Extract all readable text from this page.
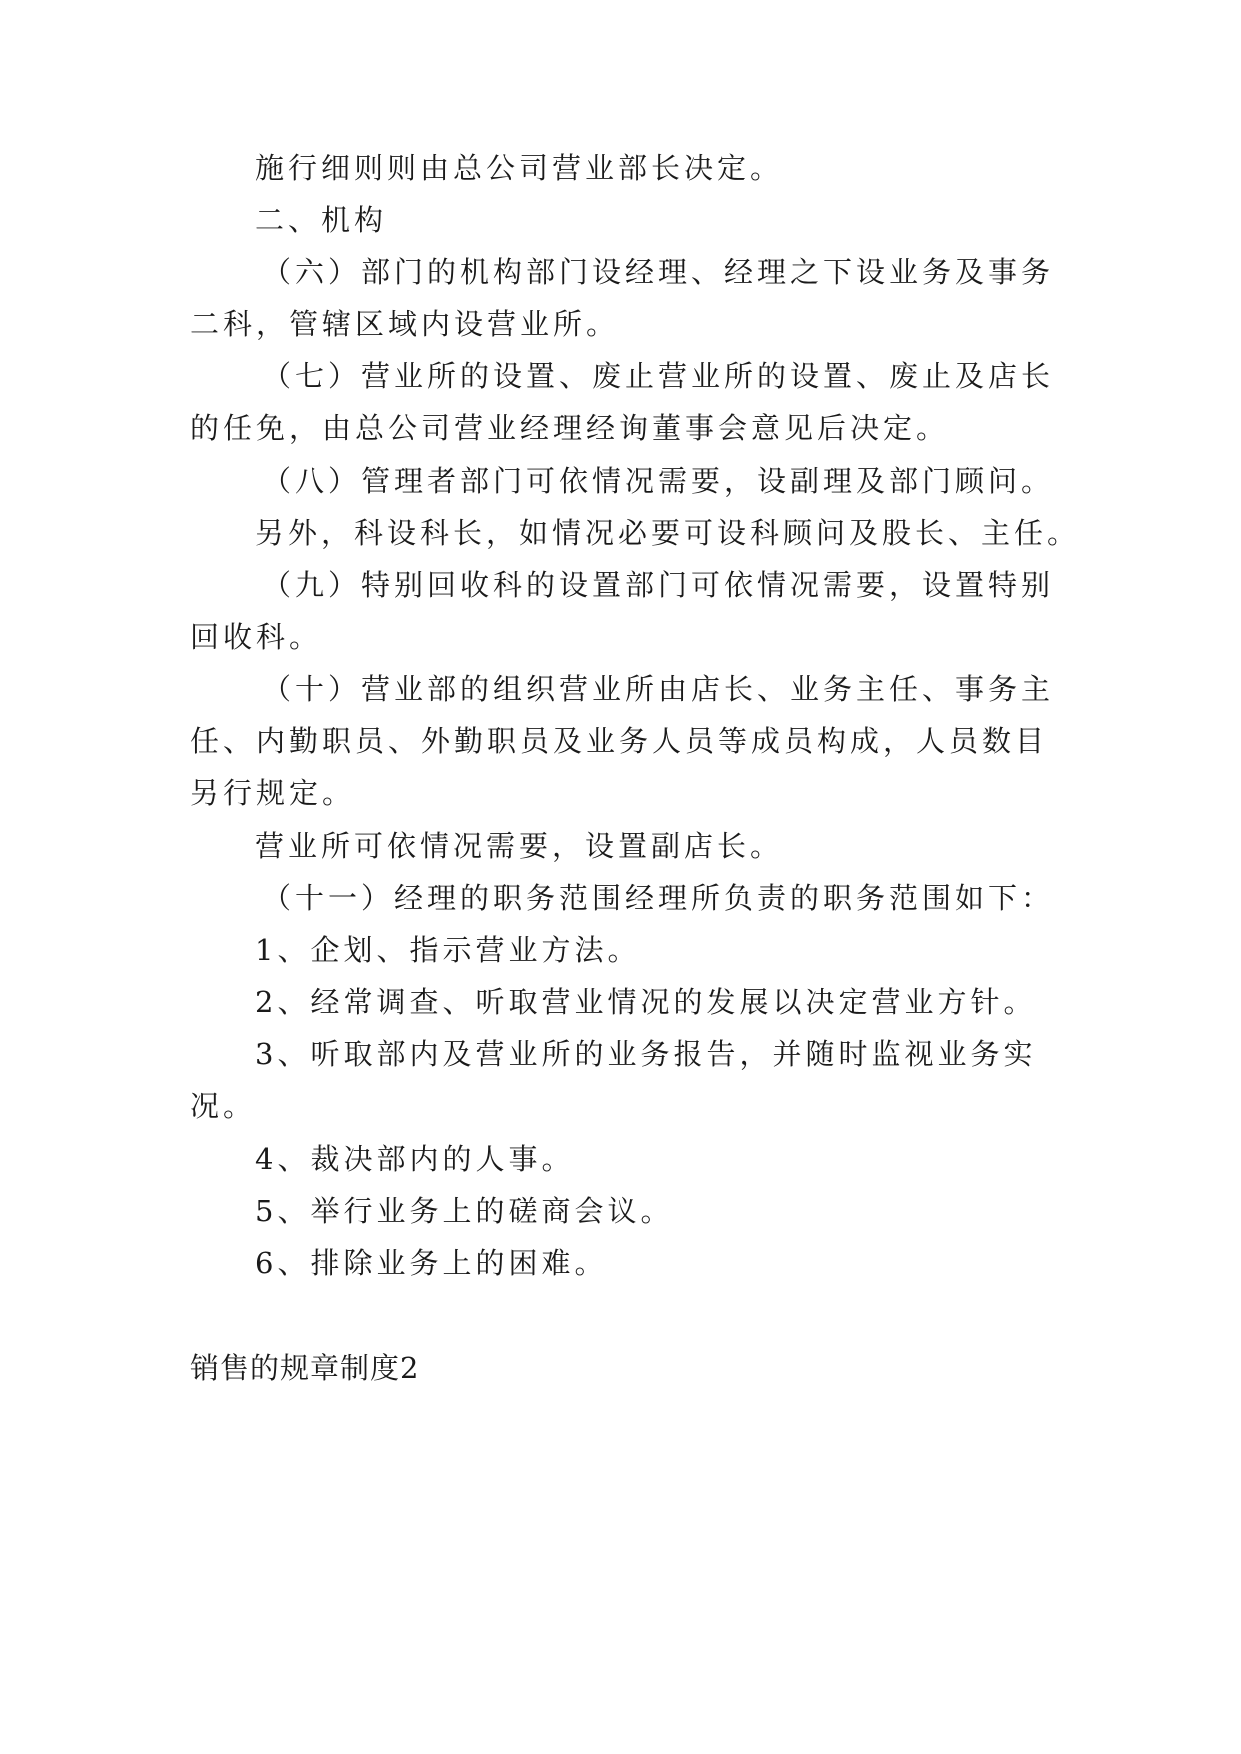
施行细则则由总公司营业部长决定。
二、机构
（六）部门的机构部门设经理、经理之下设业务及事务
二科，管辖区域内设营业所。
（七）营业所的设置、废止营业所的设置、废止及店长
的任免，由总公司营业经理经询董事会意见后决定。
（八）管理者部门可依情况需要，设副理及部门顾问。
另外，科设科长，如情况必要可设科顾问及股长、主任。
（九）特别回收科的设置部门可依情况需要，设置特别
回收科。
（十）营业部的组织营业所由店长、业务主任、事务主
任、内勤职员、外勤职员及业务人员等成员构成，人员数目
另行规定。
营业所可依情况需要，设置副店长。
（十一）经理的职务范围经理所负责的职务范围如下：
1、企划、指示营业方法。
2、经常调查、听取营业情况的发展以决定营业方针。
3、听取部内及营业所的业务报告，并随时监视业务实
况。
4、裁决部内的人事。
5、举行业务上的磋商会议。
6、排除业务上的困难。
销售的规章制度2
